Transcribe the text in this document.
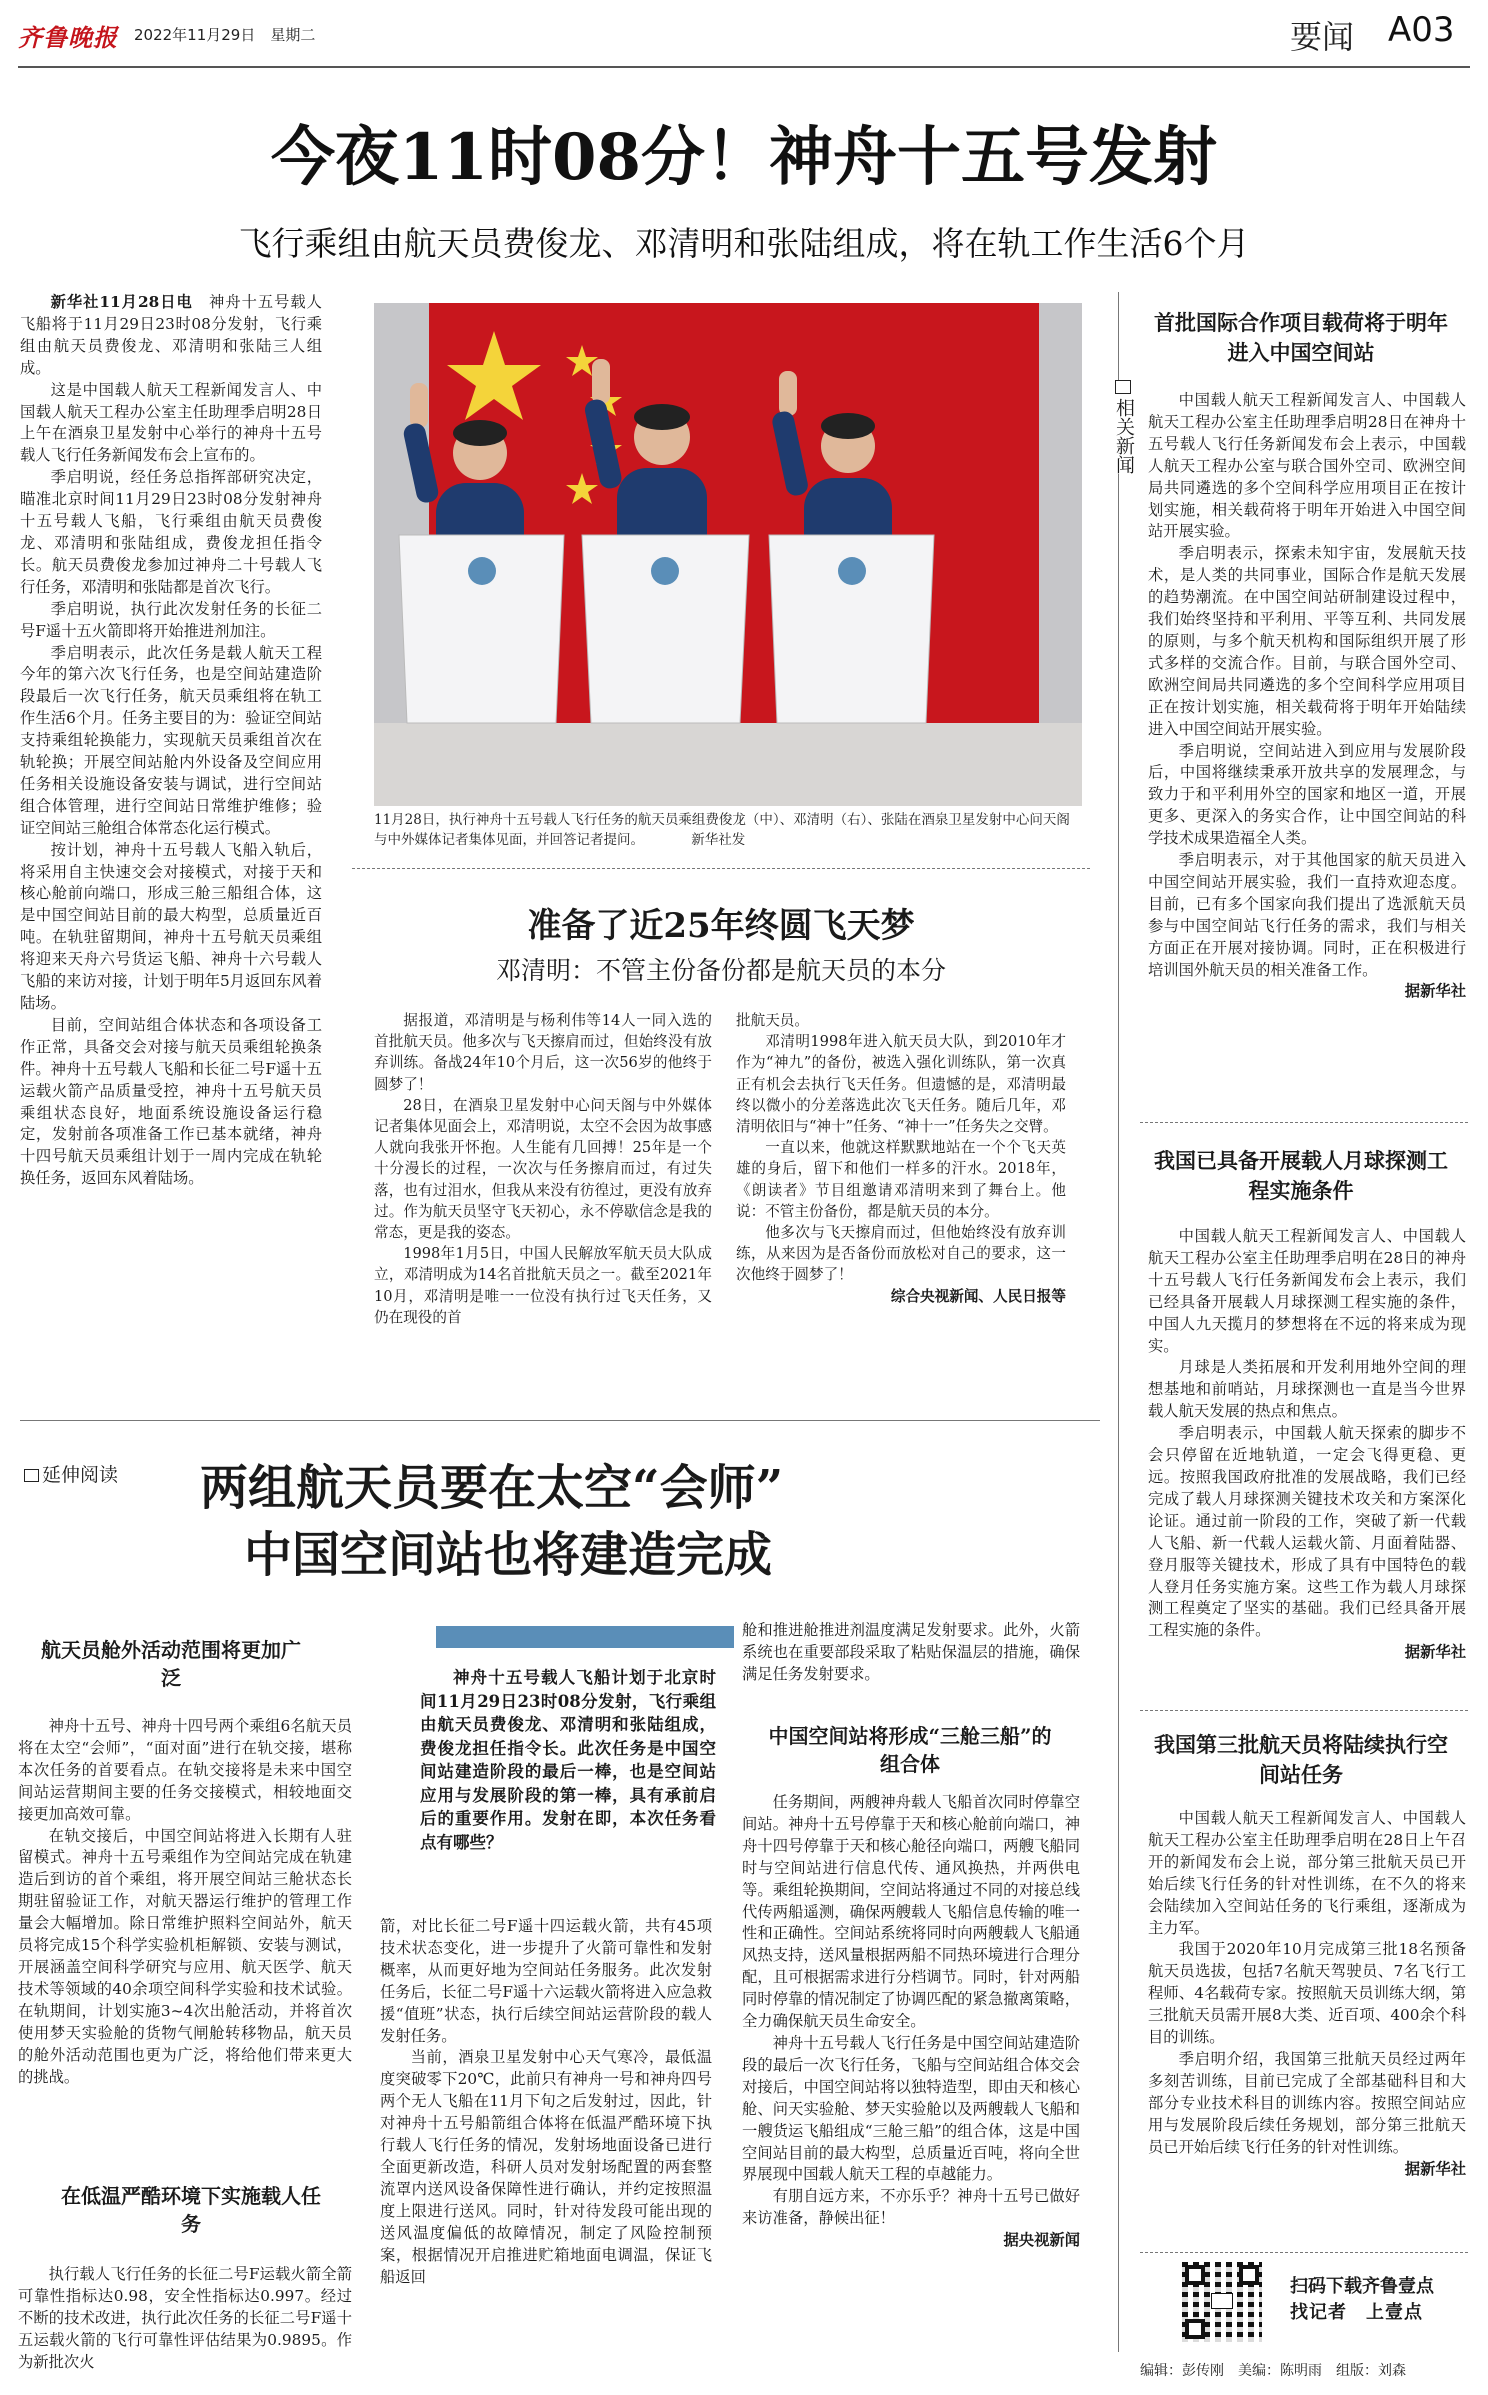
齐鲁晚报 2022年11月29日　星期二	要闻 A03
今夜11时08分！神舟十五号发射
飞行乘组由航天员费俊龙、邓清明和张陆组成，将在轨工作生活6个月

新华社11月28日电　 神舟十五号载人飞船将于11月29日23时08分发射，飞行乘组由航天员费俊龙、邓清明和张陆三人组成。

这是中国载人航天工程新闻发言人、中国载人航天工程办公室主任助理季启明28日上午在酒泉卫星发射中心举行的神舟十五号载人飞行任务新闻发布会上宣布的。

季启明说，经任务总指挥部研究决定，瞄准北京时间11月29日23时08分发射神舟十五号载人飞船，飞行乘组由航天员费俊龙、邓清明和张陆组成，费俊龙担任指令长。航天员费俊龙参加过神舟二十号载人飞行任务，邓清明和张陆都是首次飞行。

季启明说，执行此次发射任务的长征二号F遥十五火箭即将开始推进剂加注。

季启明表示，此次任务是载人航天工程今年的第六次飞行任务，也是空间站建造阶段最后一次飞行任务，航天员乘组将在轨工作生活6个月。任务主要目的为：验证空间站支持乘组轮换能力，实现航天员乘组首次在轨轮换；开展空间站舱内外设备及空间应用任务相关设施设备安装与调试，进行空间站组合体管理，进行空间站日常维护维修；验证空间站三舱组合体常态化运行模式。

按计划，神舟十五号载人飞船入轨后，将采用自主快速交会对接模式，对接于天和核心舱前向端口，形成三舱三船组合体，这是中国空间站目前的最大构型，总质量近百吨。在轨驻留期间，神舟十五号航天员乘组将迎来天舟六号货运飞船、神舟十六号载人飞船的来访对接，计划于明年5月返回东风着陆场。

目前，空间站组合体状态和各项设备工作正常，具备交会对接与航天员乘组轮换条件。神舟十五号载人飞船和长征二号F遥十五运载火箭产品质量受控，神舟十五号航天员乘组状态良好，地面系统设施设备运行稳定，发射前各项准备工作已基本就绪，神舟十四号航天员乘组计划于一周内完成在轨轮换任务，返回东风着陆场。

11月28日，执行神舟十五号载人飞行任务的航天员乘组费俊龙（中）、邓清明（右）、张陆在酒泉卫星发射中心问天阁与中外媒体记者集体见面，并回答记者提问。　　　　新华社发
准备了近25年终圆飞天梦
邓清明：不管主份备份都是航天员的本分

据报道，邓清明是与杨利伟等14人一同入选的首批航天员。他多次与飞天擦肩而过，但始终没有放弃训练。备战24年10个月后，这一次56岁的他终于圆梦了！

28日，在酒泉卫星发射中心问天阁与中外媒体记者集体见面会上，邓清明说，太空不会因为故事感人就向我张开怀抱。人生能有几回搏！25年是一个十分漫长的过程，一次次与任务擦肩而过，有过失落，也有过泪水，但我从来没有彷徨过，更没有放弃过。作为航天员坚守飞天初心，永不停歇信念是我的常态，更是我的姿态。

1998年1月5日，中国人民解放军航天员大队成立，邓清明成为14名首批航天员之一。截至2021年10月，邓清明是唯一一位没有执行过飞天任务，又仍在现役的首

批航天员。

邓清明1998年进入航天员大队，到2010年才作为“神九”的备份，被选入强化训练队，第一次真正有机会去执行飞天任务。但遗憾的是，邓清明最终以微小的分差落选此次飞天任务。随后几年，邓清明依旧与“神十”任务、“神十一”任务失之交臂。

一直以来，他就这样默默地站在一个个飞天英雄的身后，留下和他们一样多的汗水。2018年，《朗读者》节目组邀请邓清明来到了舞台上。他说：不管主份备份，都是航天员的本分。

他多次与飞天擦肩而过，但他始终没有放弃训练，从来因为是否备份而放松对自己的要求，这一次他终于圆梦了！

综合央视新闻、人民日报等

相关新闻
首批国际合作项目载荷将于明年进入中国空间站

中国载人航天工程新闻发言人、中国载人航天工程办公室主任助理季启明28日在神舟十五号载人飞行任务新闻发布会上表示，中国载人航天工程办公室与联合国外空司、欧洲空间局共同遴选的多个空间科学应用项目正在按计划实施，相关载荷将于明年开始进入中国空间站开展实验。

季启明表示，探索未知宇宙，发展航天技术，是人类的共同事业，国际合作是航天发展的趋势潮流。在中国空间站研制建设过程中，我们始终坚持和平利用、平等互利、共同发展的原则，与多个航天机构和国际组织开展了形式多样的交流合作。目前，与联合国外空司、欧洲空间局共同遴选的多个空间科学应用项目正在按计划实施，相关载荷将于明年开始陆续进入中国空间站开展实验。

季启明说，空间站进入到应用与发展阶段后，中国将继续秉承开放共享的发展理念，与致力于和平利用外空的国家和地区一道，开展更多、更深入的务实合作，让中国空间站的科学技术成果造福全人类。

季启明表示，对于其他国家的航天员进入中国空间站开展实验，我们一直持欢迎态度。目前，已有多个国家向我们提出了选派航天员参与中国空间站飞行任务的需求，我们与相关方面正在开展对接协调。同时，正在积极进行培训国外航天员的相关准备工作。

据新华社

我国已具备开展载人月球探测工程实施条件

中国载人航天工程新闻发言人、中国载人航天工程办公室主任助理季启明在28日的神舟十五号载人飞行任务新闻发布会上表示，我们已经具备开展载人月球探测工程实施的条件，中国人九天揽月的梦想将在不远的将来成为现实。

月球是人类拓展和开发利用地外空间的理想基地和前哨站，月球探测也一直是当今世界载人航天发展的热点和焦点。

季启明表示，中国载人航天探索的脚步不会只停留在近地轨道，一定会飞得更稳、更远。按照我国政府批准的发展战略，我们已经完成了载人月球探测关键技术攻关和方案深化论证。通过前一阶段的工作，突破了新一代载人飞船、新一代载人运载火箭、月面着陆器、登月服等关键技术，形成了具有中国特色的载人登月任务实施方案。这些工作为载人月球探测工程奠定了坚实的基础。我们已经具备开展工程实施的条件。

据新华社

我国第三批航天员将陆续执行空间站任务

中国载人航天工程新闻发言人、中国载人航天工程办公室主任助理季启明在28日上午召开的新闻发布会上说，部分第三批航天员已开始后续飞行任务的针对性训练，在不久的将来会陆续加入空间站任务的飞行乘组，逐渐成为主力军。

我国于2020年10月完成第三批18名预备航天员选拔，包括7名航天驾驶员、7名飞行工程师、4名载荷专家。按照航天员训练大纲，第三批航天员需开展8大类、近百项、400余个科目的训练。

季启明介绍，我国第三批航天员经过两年多刻苦训练，目前已完成了全部基础科目和大部分专业技术科目的训练内容。按照空间站应用与发展阶段后续任务规划，部分第三批航天员已开始后续飞行任务的针对性训练。

据新华社

扫码下载齐鲁壹点
找记者　上壹点
编辑：彭传刚　美编：陈明雨　组版：刘森
延伸阅读 两组航天员要在太空“会师”
中国空间站也将建造完成
航天员舱外活动范围将更加广泛

神舟十五号、神舟十四号两个乘组6名航天员将在太空“会师”，“面对面”进行在轨交接，堪称本次任务的首要看点。在轨交接将是未来中国空间站运营期间主要的任务交接模式，相较地面交接更加高效可靠。

在轨交接后，中国空间站将进入长期有人驻留模式。神舟十五号乘组作为空间站完成在轨建造后到访的首个乘组，将开展空间站三舱状态长期驻留验证工作，对航天器运行维护的管理工作量会大幅增加。除日常维护照料空间站外，航天员将完成15个科学实验机柜解锁、安装与测试，开展涵盖空间科学研究与应用、航天医学、航天技术等领域的40余项空间科学实验和技术试验。在轨期间，计划实施3~4次出舱活动，并将首次使用梦天实验舱的货物气闸舱转移物品，航天员的舱外活动范围也更为广泛，将给他们带来更大的挑战。

在低温严酷环境下实施载人任务

执行载人飞行任务的长征二号F运载火箭全箭可靠性指标达0.98，安全性指标达0.997。经过不断的技术改进，执行此次任务的长征二号F遥十五运载火箭的飞行可靠性评估结果为0.9895。作为新批次火

神舟十五号载人飞船计划于北京时间11月29日23时08分发射，飞行乘组由航天员费俊龙、邓清明和张陆组成，费俊龙担任指令长。此次任务是中国空间站建造阶段的最后一棒，也是空间站应用与发展阶段的第一棒，具有承前启后的重要作用。发射在即，本次任务看点有哪些？

箭，对比长征二号F遥十四运载火箭，共有45项技术状态变化，进一步提升了火箭可靠性和发射概率，从而更好地为空间站任务服务。此次发射任务后，长征二号F遥十六运载火箭将进入应急救援“值班”状态，执行后续空间站运营阶段的载人发射任务。

当前，酒泉卫星发射中心天气寒冷，最低温度突破零下20℃，此前只有神舟一号和神舟四号两个无人飞船在11月下旬之后发射过，因此，针对神舟十五号船箭组合体将在低温严酷环境下执行载人飞行任务的情况，发射场地面设备已进行全面更新改造，科研人员对发射场配置的两套整流罩内送风设备保障性进行确认，并约定按照温度上限进行送风。同时，针对待发段可能出现的送风温度偏低的故障情况，制定了风险控制预案，根据情况开启推进贮箱地面电调温，保证飞船返回

舱和推进舱推进剂温度满足发射要求。此外，火箭系统也在重要部段采取了粘贴保温层的措施，确保满足任务发射要求。

中国空间站将形成“三舱三船”的组合体

任务期间，两艘神舟载人飞船首次同时停靠空间站。神舟十五号停靠于天和核心舱前向端口，神舟十四号停靠于天和核心舱径向端口，两艘飞船同时与空间站进行信息代传、通风换热，并两供电等。乘组轮换期间，空间站将通过不同的对接总线代传两船遥测，确保两艘载人飞船信息传输的唯一性和正确性。空间站系统将同时向两艘载人飞船通风热支持，送风量根据两船不同热环境进行合理分配，且可根据需求进行分档调节。同时，针对两船同时停靠的情况制定了协调匹配的紧急撤离策略，全力确保航天员生命安全。

神舟十五号载人飞行任务是中国空间站建造阶段的最后一次飞行任务，飞船与空间站组合体交会对接后，中国空间站将以独特造型，即由天和核心舱、问天实验舱、梦天实验舱以及两艘载人飞船和一艘货运飞船组成“三舱三船”的组合体，这是中国空间站目前的最大构型，总质量近百吨，将向全世界展现中国载人航天工程的卓越能力。

有朋自远方来，不亦乐乎？神舟十五号已做好来访准备，静候出征！

据央视新闻
